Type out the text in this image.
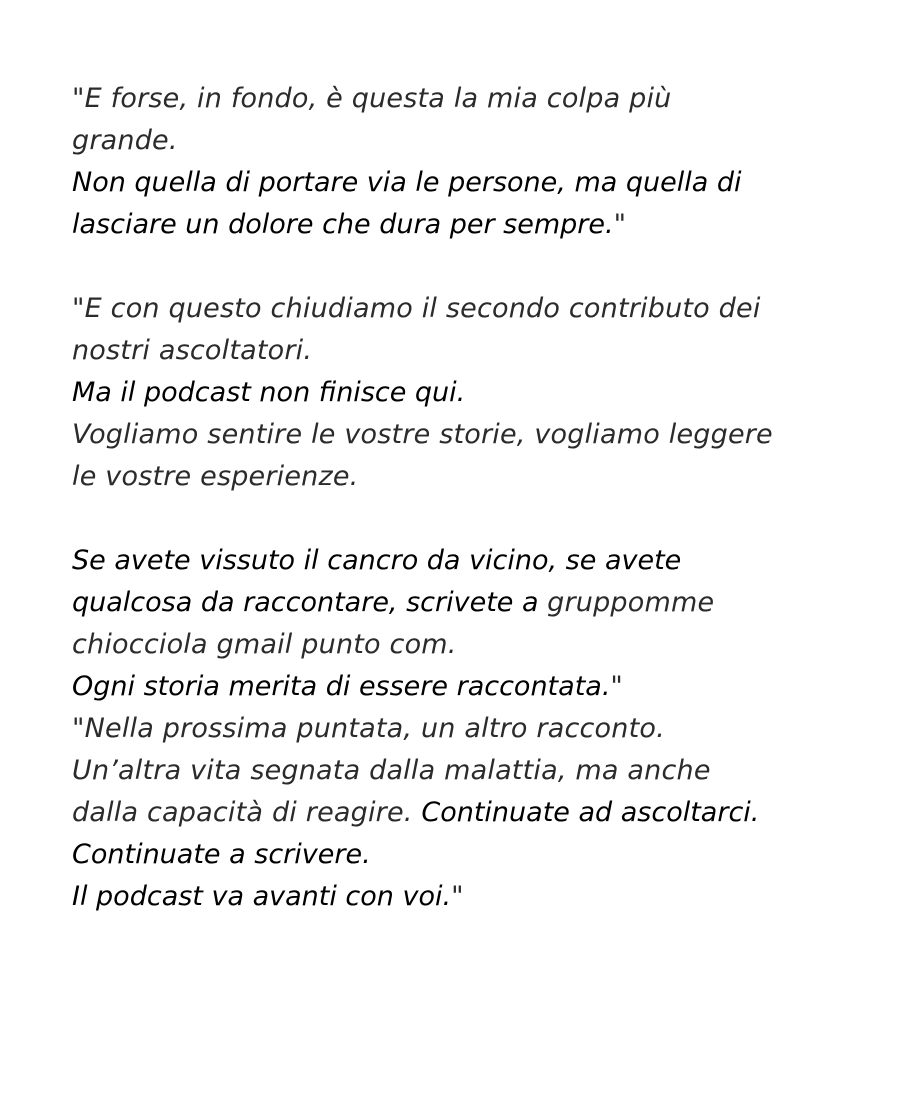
"E forse, in fondo, è questa la mia colpa più
grande.
Non quella di portare via le persone, ma quella di
lasciare un dolore che dura per sempre."

"E con questo chiudiamo il secondo contributo dei
nostri ascoltatori.
Ma il podcast non finisce qui.
Vogliamo sentire le vostre storie, vogliamo leggere
le vostre esperienze.

Se avete vissuto il cancro da vicino, se avete
qualcosa da raccontare, scrivete a gruppomme
chiocciola gmail punto com.
Ogni storia merita di essere raccontata."
"Nella prossima puntata, un altro racconto.
Un’altra vita segnata dalla malattia, ma anche
dalla capacità di reagire. Continuate ad ascoltarci.
Continuate a scrivere.
Il podcast va avanti con voi."
